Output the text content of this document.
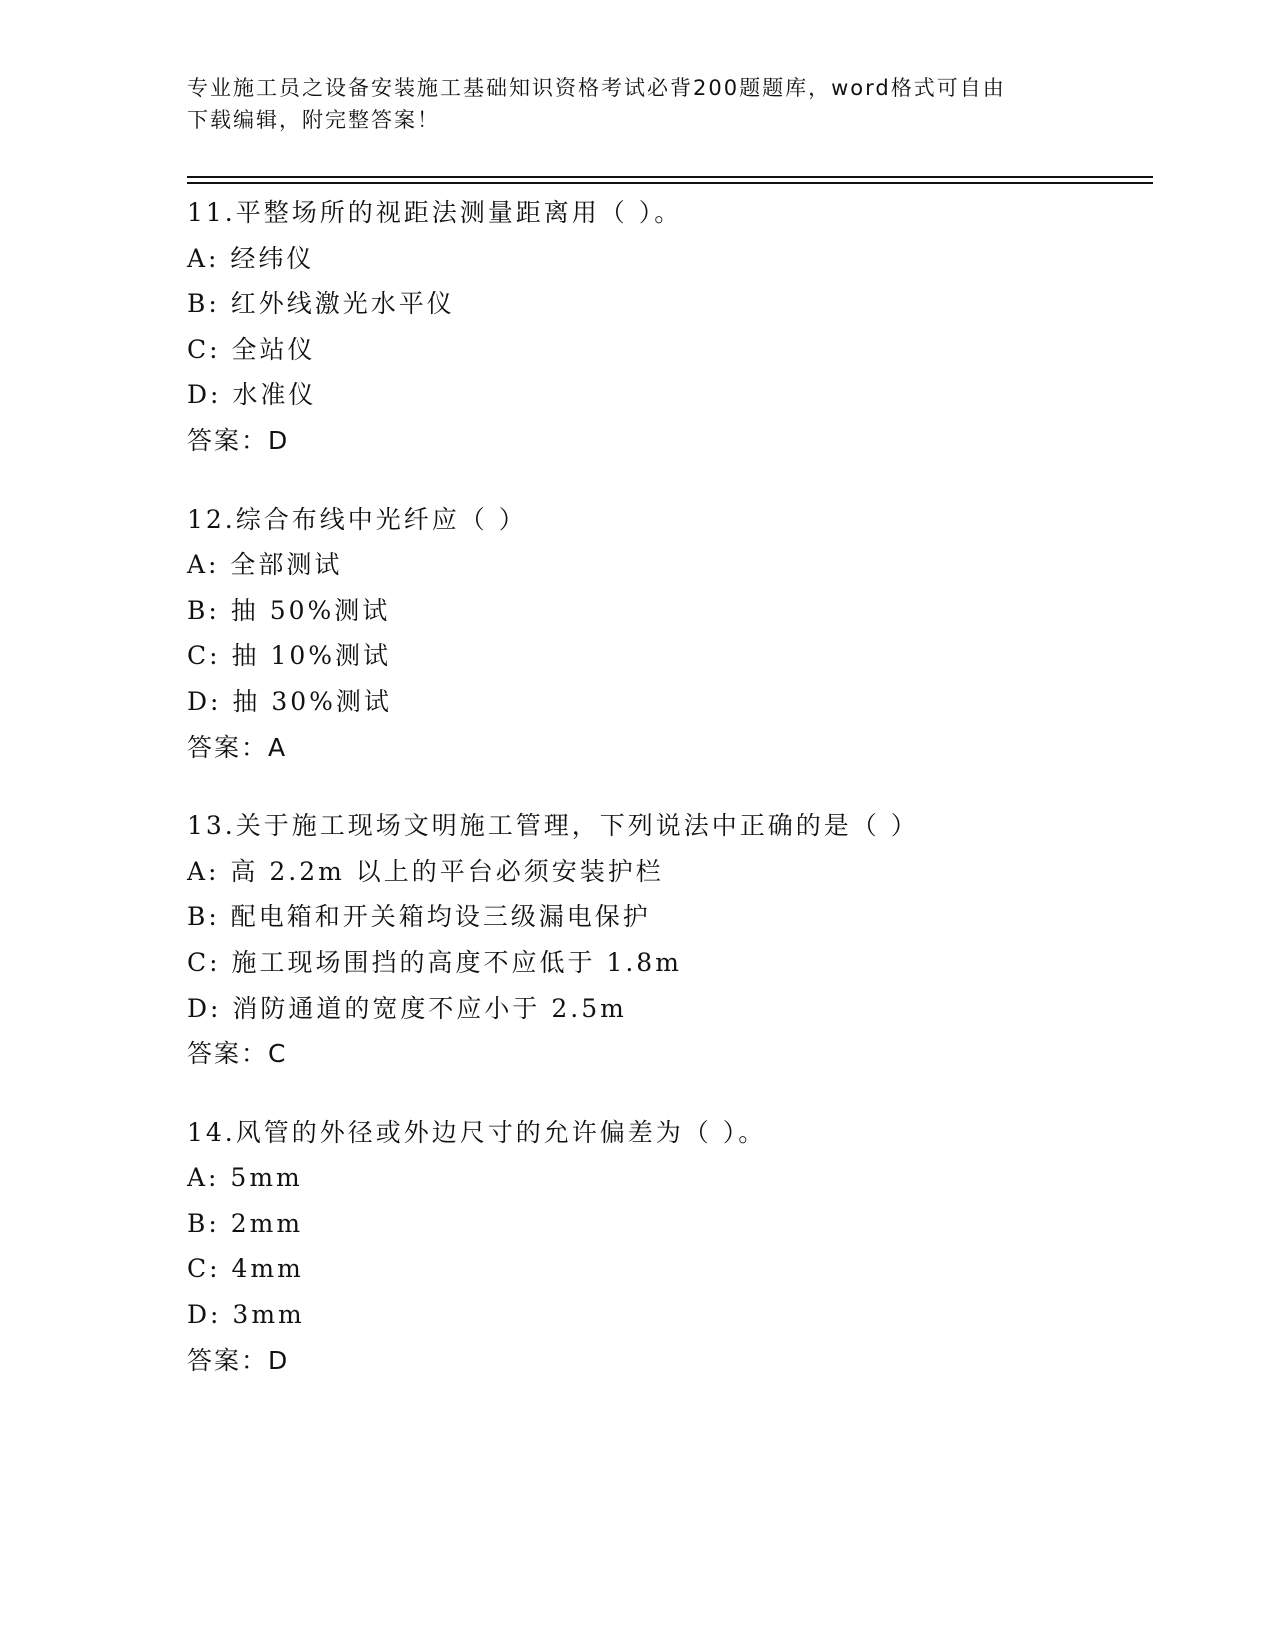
专业施工员之设备安装施工基础知识资格考试必背200题题库，word格式可自由
下载编辑，附完整答案！
11.平整场所的视距法测量距离用（ ）。
A: 经纬仪
B: 红外线激光水平仪
C: 全站仪
D: 水准仪
答案：D
12.综合布线中光纤应（ ）
A: 全部测试
B: 抽 50%测试
C: 抽 10%测试
D: 抽 30%测试
答案：A
13.关于施工现场文明施工管理，下列说法中正确的是（ ）
A: 高 2.2m 以上的平台必须安装护栏
B: 配电箱和开关箱均设三级漏电保护
C: 施工现场围挡的高度不应低于 1.8m
D: 消防通道的宽度不应小于 2.5m
答案：C
14.风管的外径或外边尺寸的允许偏差为（ ）。
A: 5mm
B: 2mm
C: 4mm
D: 3mm
答案：D
